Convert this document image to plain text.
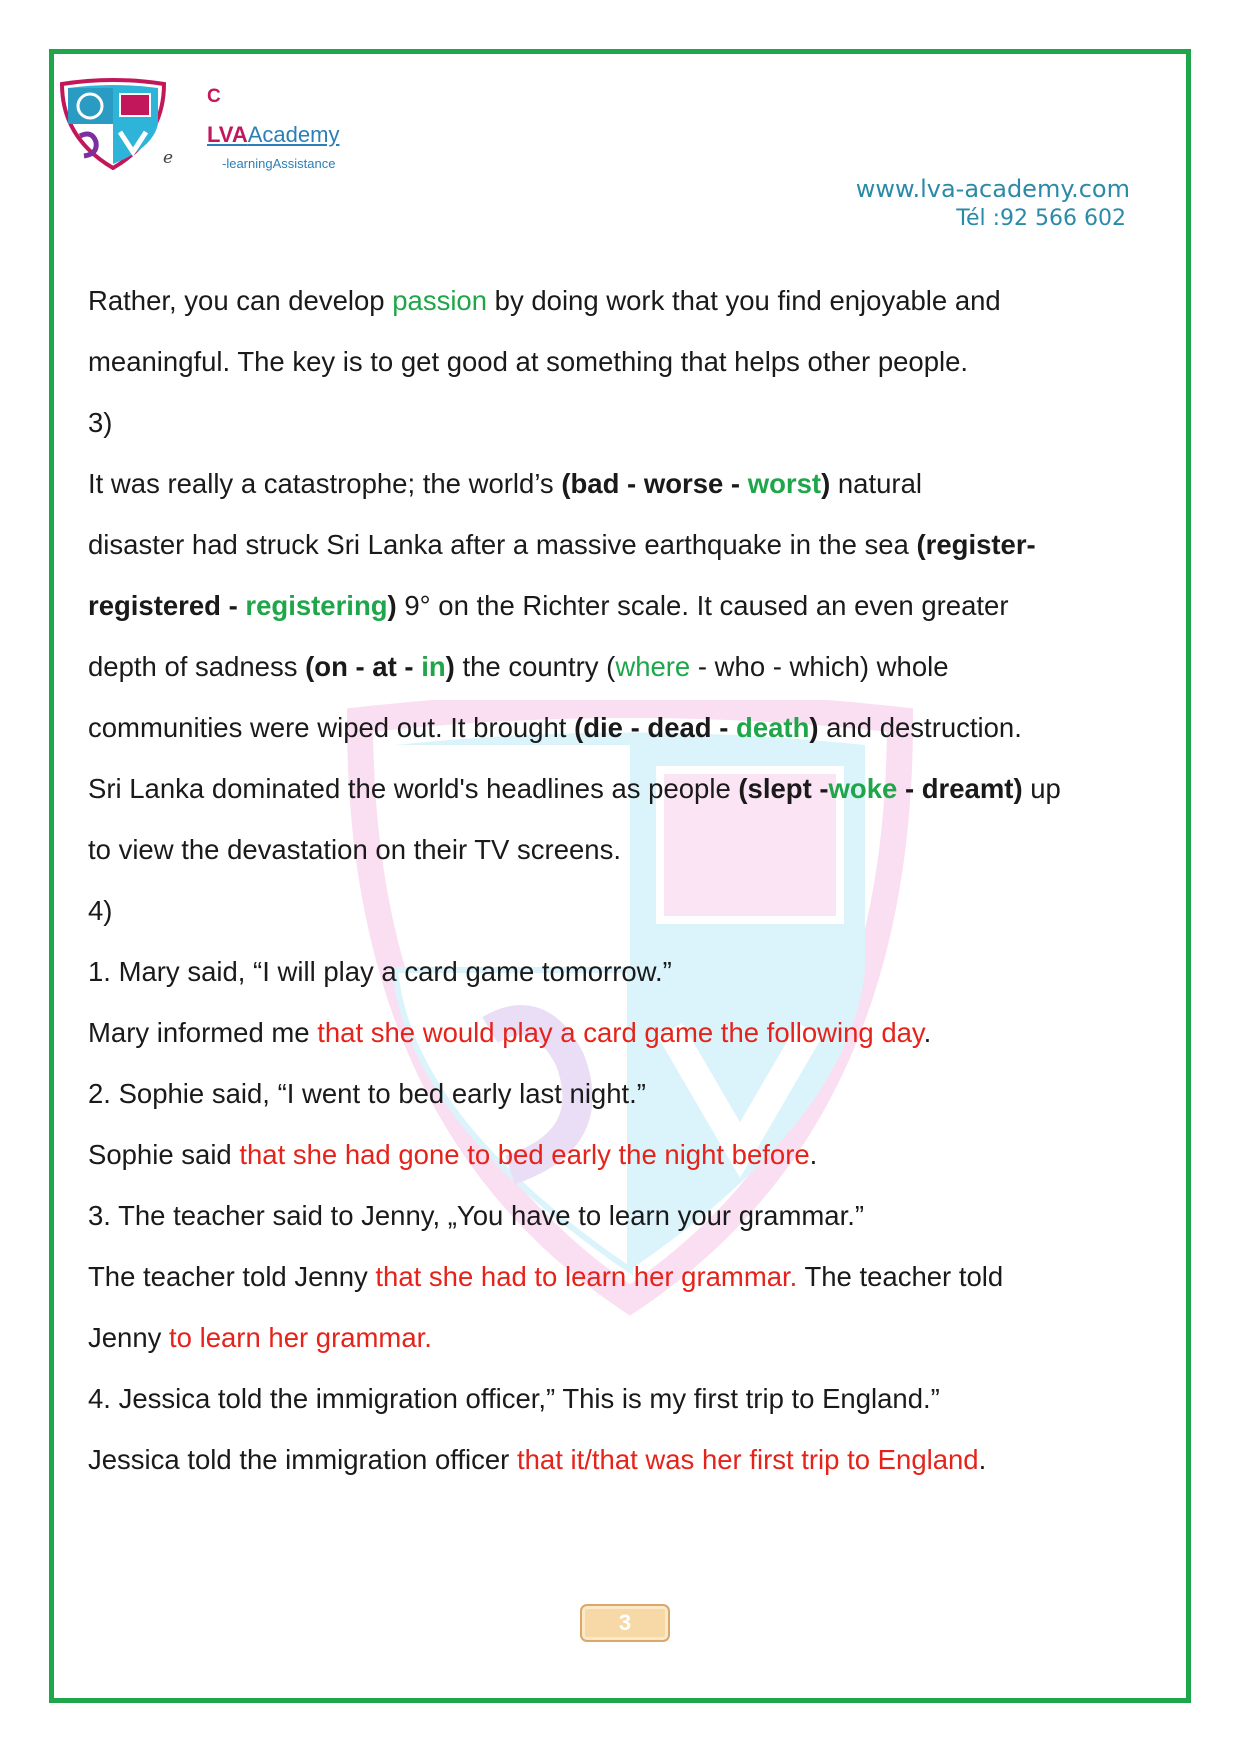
e
C
LVAAcademy
-learningAssistance
www.lva-academy.com
Tél :92 566 602
Rather, you can develop passion by doing work that you find enjoyable and
meaningful. The key is to get good at something that helps other people.
3)
It was really a catastrophe; the world’s (bad - worse - worst) natural
disaster had struck Sri Lanka after a massive earthquake in the sea (register-
registered - registering) 9° on the Richter scale. It caused an even greater
depth of sadness (on - at - in) the country (where - who - which) whole
communities were wiped out. It brought (die - dead - death) and destruction.
Sri Lanka dominated the world's headlines as people (slept -woke - dreamt) up
to view the devastation on their TV screens.
4)
1. Mary said, “I will play a card game tomorrow.”
Mary informed me that she would play a card game the following day.
2. Sophie said, “I went to bed early last night.”
Sophie said that she had gone to bed early the night before.
3. The teacher said to Jenny, „You have to learn your grammar.”
The teacher told Jenny that she had to learn her grammar. The teacher told
Jenny to learn her grammar.
4. Jessica told the immigration officer,” This is my first trip to England.”
Jessica told the immigration officer that it/that was her first trip to England.
3
